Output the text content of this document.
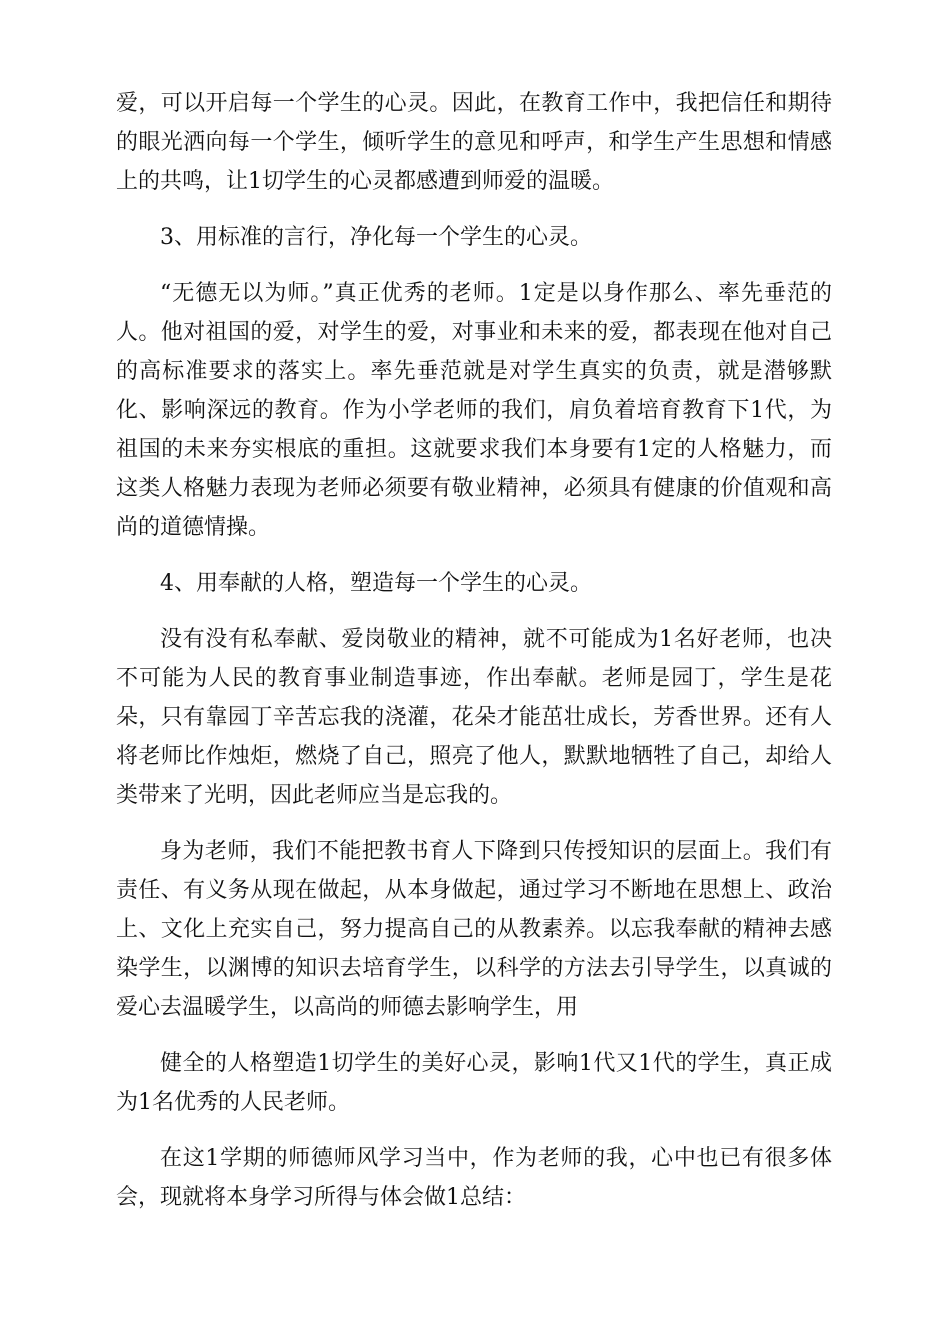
爱，可以开启每一个学生的心灵。因此，在教育工作中，我把信任和期待的眼光洒向每一个学生，倾听学生的意见和呼声，和学生产生思想和情感上的共鸣，让1切学生的心灵都感遭到师爱的温暖。

3、用标准的言行，净化每一个学生的心灵。

“无德无以为师。”真正优秀的老师。1定是以身作那么、率先垂范的人。他对祖国的爱，对学生的爱，对事业和未来的爱，都表现在他对自己的高标准要求的落实上。率先垂范就是对学生真实的负责，就是潜够默化、影响深远的教育。作为小学老师的我们，肩负着培育教育下1代，为祖国的未来夯实根底的重担。这就要求我们本身要有1定的人格魅力，而这类人格魅力表现为老师必须要有敬业精神，必须具有健康的价值观和高尚的道德情操。

4、用奉献的人格，塑造每一个学生的心灵。

没有没有私奉献、爱岗敬业的精神，就不可能成为1名好老师，也决不可能为人民的教育事业制造事迹，作出奉献。老师是园丁，学生是花朵，只有靠园丁辛苦忘我的浇灌，花朵才能茁壮成长，芳香世界。还有人将老师比作烛炬，燃烧了自己，照亮了他人，默默地牺牲了自己，却给人类带来了光明，因此老师应当是忘我的。

身为老师，我们不能把教书育人下降到只传授知识的层面上。我们有责任、有义务从现在做起，从本身做起，通过学习不断地在思想上、政治上、文化上充实自己，努力提高自己的从教素养。以忘我奉献的精神去感染学生，以渊博的知识去培育学生，以科学的方法去引导学生，以真诚的爱心去温暖学生，以高尚的师德去影响学生，用

健全的人格塑造1切学生的美好心灵，影响1代又1代的学生，真正成为1名优秀的人民老师。

在这1学期的师德师风学习当中，作为老师的我，心中也已有很多体会，现就将本身学习所得与体会做1总结：
